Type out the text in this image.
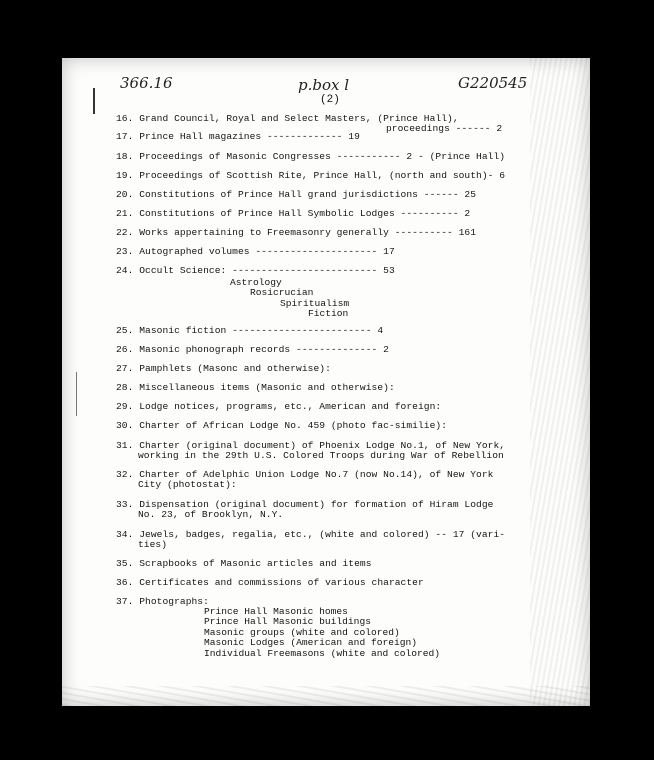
366.16	p.box l	G220545
(2)
16. Grand Council, Royal and Select Masters, (Prince Hall),
proceedings ------ 2
17. Prince Hall magazines ------------- 19
18. Proceedings of Masonic Congresses ----------- 2 - (Prince Hall)
19. Proceedings of Scottish Rite, Prince Hall, (north and south)- 6
20. Constitutions of Prince Hall grand jurisdictions ------ 25
21. Constitutions of Prince Hall Symbolic Lodges ---------- 2
22. Works appertaining to Freemasonry generally ---------- 161
23. Autographed volumes --------------------- 17
24. Occult Science: ------------------------- 53
25. Masonic fiction ------------------------ 4
26. Masonic phonograph records -------------- 2
27. Pamphlets (Masonc and otherwise):
28. Miscellaneous items (Masonic and otherwise):
29. Lodge notices, programs, etc., American and foreign:
30. Charter of African Lodge No. 459 (photo fac-similie):
31. Charter (original document) of Phoenix Lodge No.1, of New York,
working in the 29th U.S. Colored Troops during War of Rebellion
32. Charter of Adelphic Union Lodge No.7 (now No.14), of New York
City (photostat):
33. Dispensation (original document) for formation of Hiram Lodge
No. 23, of Brooklyn, N.Y.
34. Jewels, badges, regalia, etc., (white and colored) -- 17 (vari-
ties)
35. Scrapbooks of Masonic articles and items
36. Certificates and commissions of various character
37. Photographs:
Astrology
Rosicrucian
Spiritualism
Fiction
Prince Hall Masonic homes
Prince Hall Masonic buildings
Masonic groups (white and colored)
Masonic Lodges (American and foreign)
Individual Freemasons (white and colored)
